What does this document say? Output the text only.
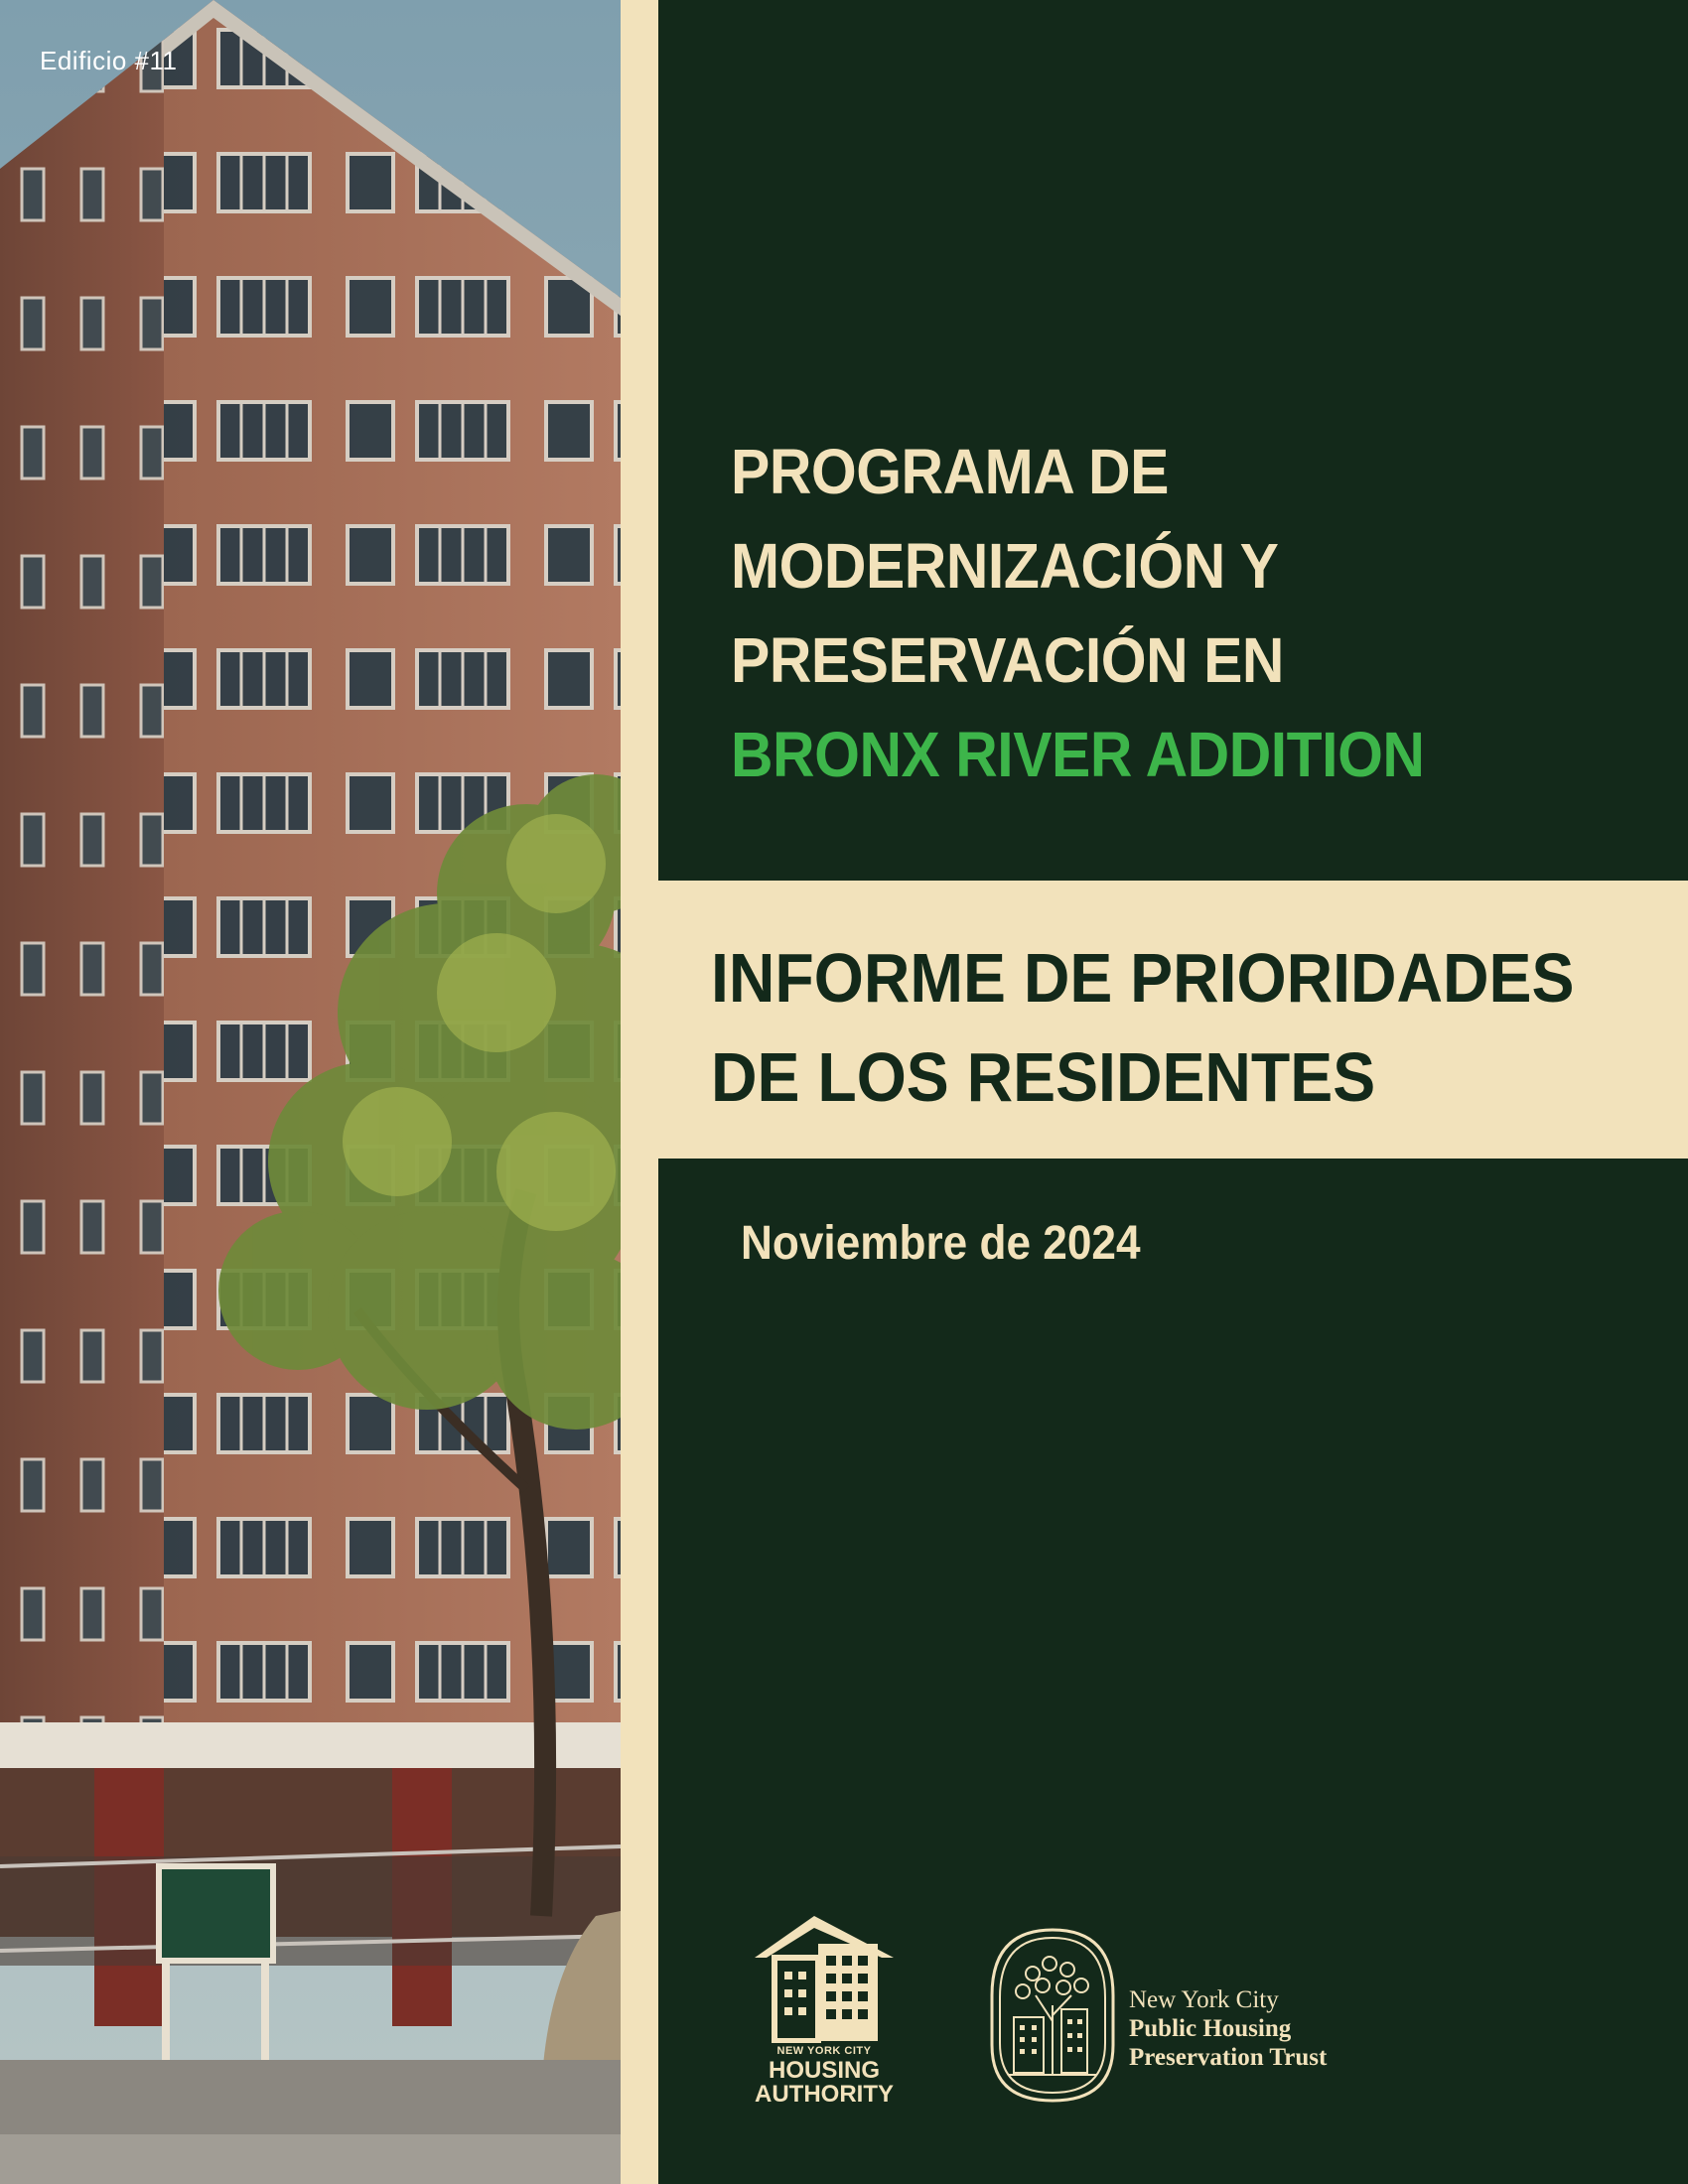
Edificio #11
PROGRAMA DE
MODERNIZACIÓN Y
PRESERVACIÓN EN
BRONX RIVER ADDITION
INFORME DE PRIORIDADES
DE LOS RESIDENTES
Noviembre de 2024
NEW YORK CITY
HOUSING
AUTHORITY
New York City
Public Housing
Preservation Trust
